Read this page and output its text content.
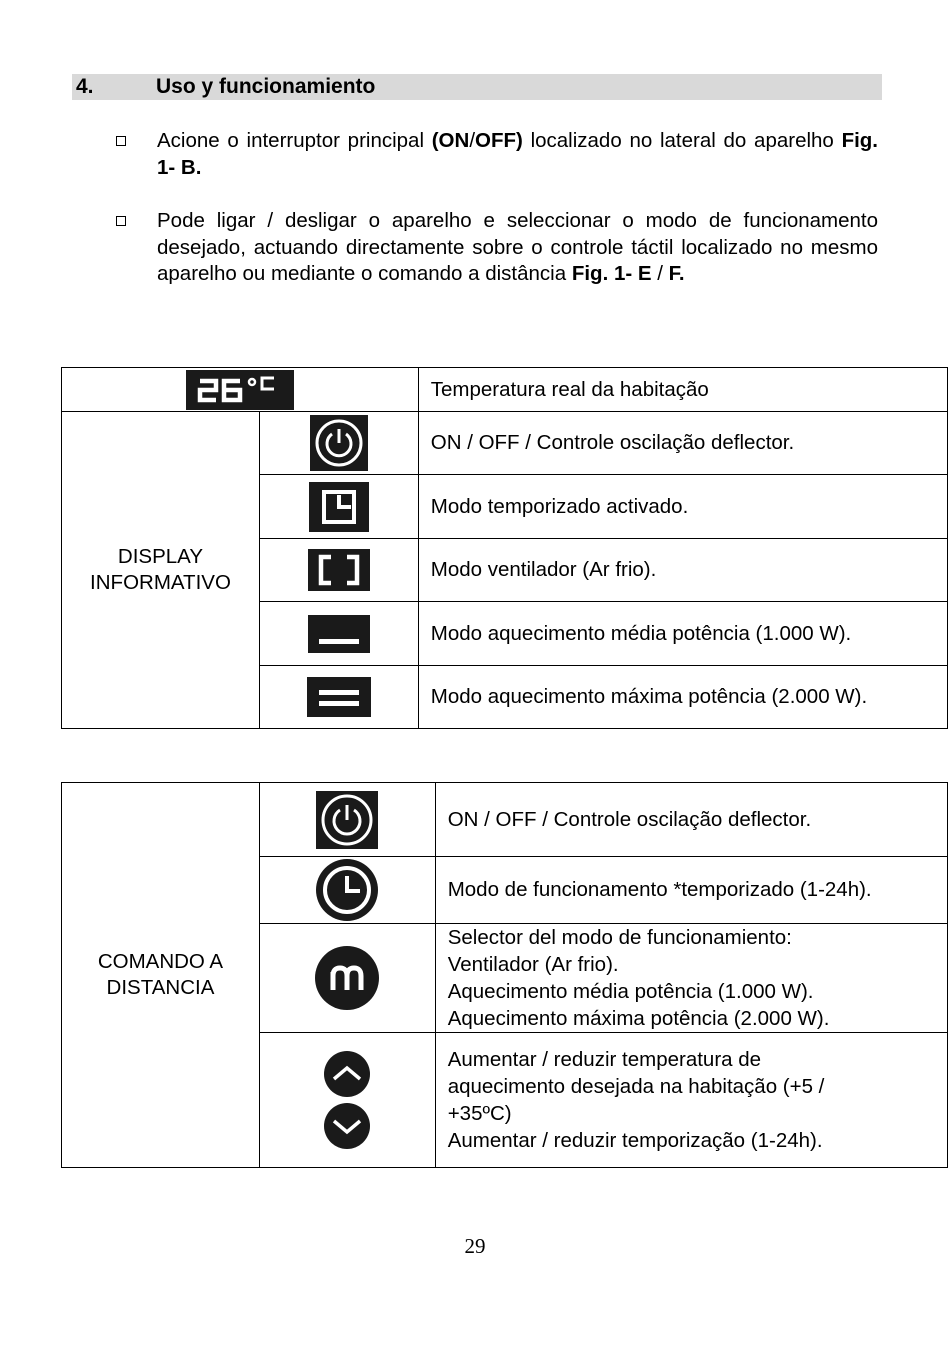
4.	Uso y funcionamiento
Acione o interruptor principal (ON/OFF) localizado no lateral do aparelho Fig. 1- B.
Pode ligar / desligar o aparelho e seleccionar o modo de funcionamento desejado, actuando directamente sobre o controle táctil localizado no mesmo aparelho ou mediante o comando a distância Fig. 1- E / F.
	Temperatura real da habitação
DISPLAY INFORMATIVO		ON / OFF / Controle oscilação deflector.
	Modo temporizado activado.
	Modo ventilador (Ar frio).
	Modo aquecimento média potência (1.000 W).
	Modo aquecimento máxima potência (2.000 W).
COMANDO A DISTANCIA		ON / OFF / Controle oscilação deflector.

Modo de funcionamento *temporizado (1-24h).

Selector del modo de funcionamiento:
Ventilador (Ar frio).
Aquecimento média potência (1.000 W).
Aquecimento máxima potência (2.000 W).

Aumentar / reduzir temperatura de
aquecimento desejada na habitação (+5 /
+35ºC)
Aumentar / reduzir temporização (1-24h).
29
